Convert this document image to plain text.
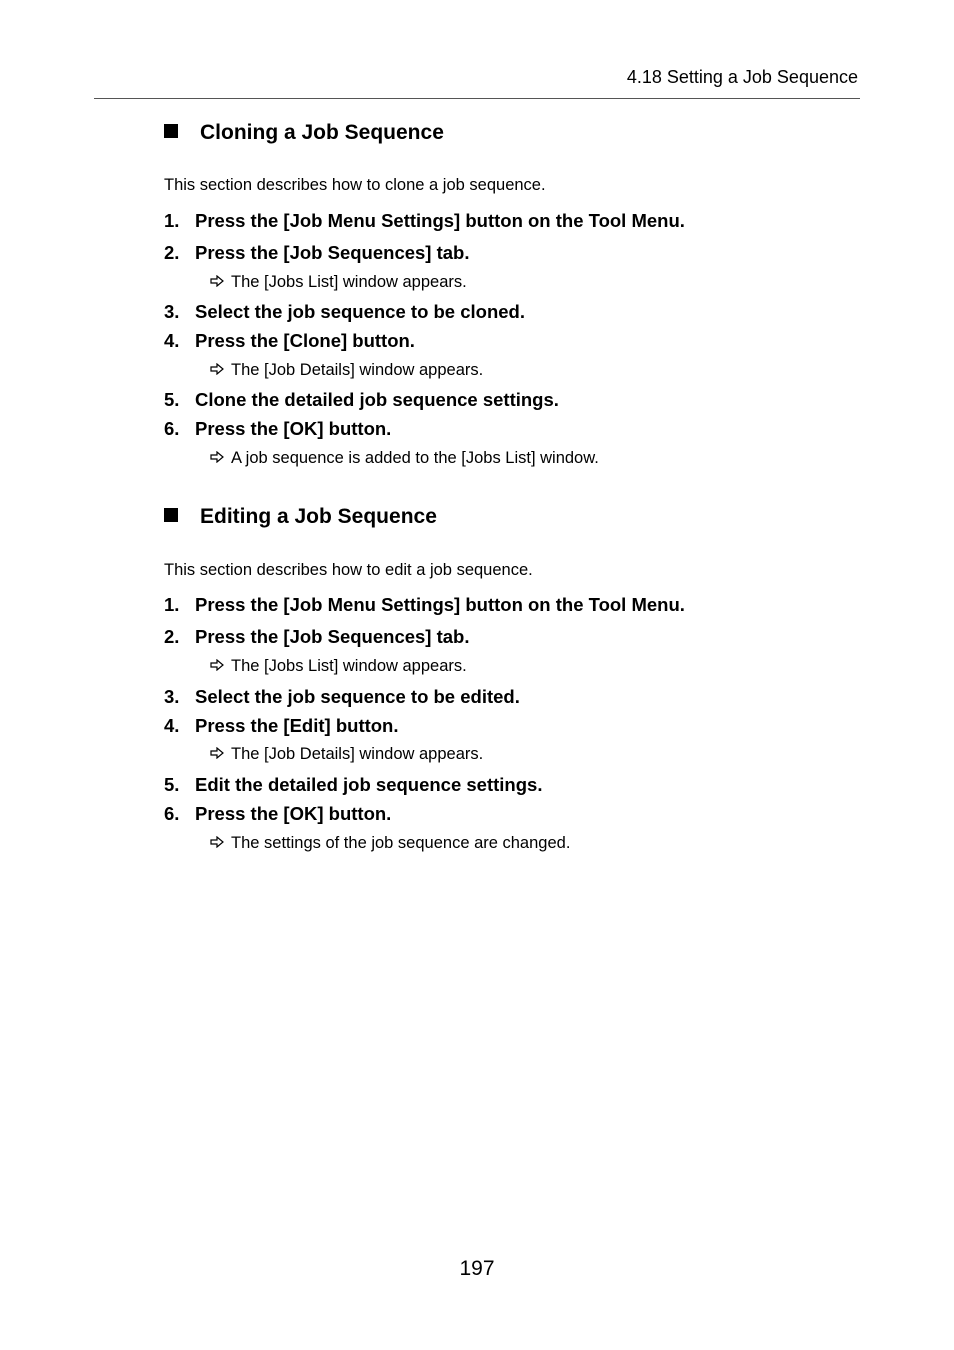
4.18 Setting a Job Sequence
Cloning a Job Sequence
This section describes how to clone a job sequence.
1. Press the [Job Menu Settings] button on the Tool Menu.
2. Press the [Job Sequences] tab.
The [Jobs List] window appears.
3. Select the job sequence to be cloned.
4. Press the [Clone] button.
The [Job Details] window appears.
5. Clone the detailed job sequence settings.
6. Press the [OK] button.
A job sequence is added to the [Jobs List] window.
Editing a Job Sequence
This section describes how to edit a job sequence.
1. Press the [Job Menu Settings] button on the Tool Menu.
2. Press the [Job Sequences] tab.
The [Jobs List] window appears.
3. Select the job sequence to be edited.
4. Press the [Edit] button.
The [Job Details] window appears.
5. Edit the detailed job sequence settings.
6. Press the [OK] button.
The settings of the job sequence are changed.
197
